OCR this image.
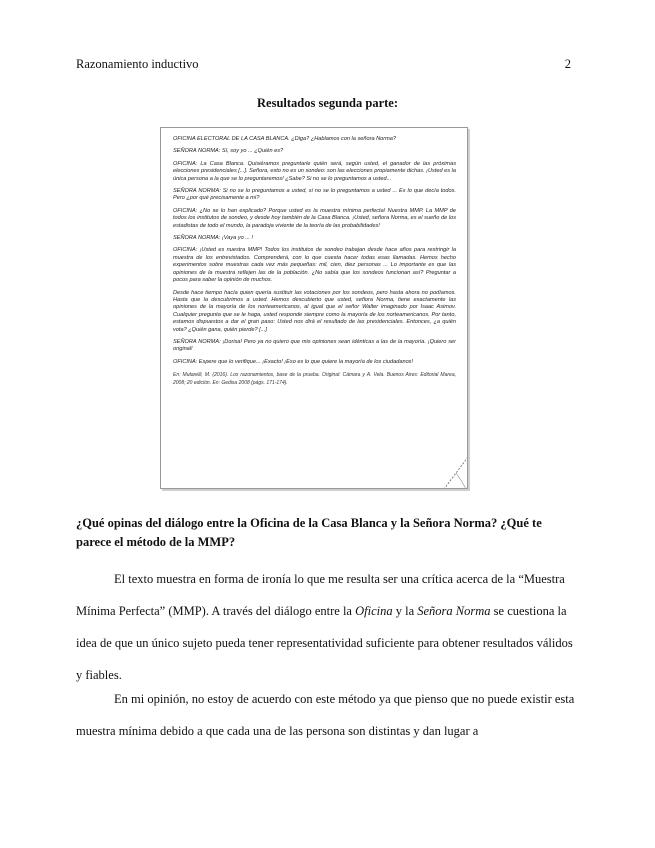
Razonamiento inductivo	2
Resultados segunda parte:

OFICINA ELECTORAL DE LA CASA BLANCA. ¿Diga? ¿Hablamos con la señora Norma?

SEÑORA NORMA: Sí, soy yo ... ¿Quién es?

OFICINA: La Casa Blanca. Quisiéramos preguntarle quién será, según usted, el ganador de las próximas elecciones presidenciales [...]. Señora, esto no es un sondeo: son las elecciones propiamente dichas. ¡Usted es la única persona a la que se lo preguntaremos! ¿Sabe? Si no se lo preguntamos a usted...

SEÑORA NORMA: Si no se lo preguntamos a usted, si no se lo preguntamos a usted ... Es lo que decía todos. Pero ¿por qué precisamente a mí?

OFICINA: ¿No se lo han explicado? Porque usted es la muestra mínima perfecta! Nuestra MMP. La MMP de todos los institutos de sondeo, y desde hoy también de la Casa Blanca. ¡Usted, señora Norma, es el sueño de los estadistas de todo el mundo, la paradoja viviente de la teoría de las probabilidades!

SEÑORA NORMA: ¡Vaya yo ... !

OFICINA: ¡Usted es nuestra MMP! Todos los institutos de sondeo trabajan desde hace años para restringir la muestra de los entrevistados. Comprenderá, con lo que cuesta hacer todas esas llamadas. Hemos hecho experimentos sobre muestras cada vez más pequeñas: mil, cien, diez personas ... Lo importante es que las opiniones de la muestra reflejen las de la población. ¿No sabía que los sondeos funcionan así? Preguntar a pocos para saber la opinión de muchos.

Desde hace tiempo hacía quien quería sustituir las votaciones por los sondeos, pero hasta ahora no podíamos. Hasta que la descubrimos a usted. Hemos descubierto que usted, señora Norma, tiene exactamente las opiniones de la mayoría de los norteamericanos, al igual que el señor Walter imaginado por Isaac Asimov. Cualquier pregunta que se le haga, usted responde siempre como la mayoría de los norteamericanos. Por tanto, estamos dispuestos a dar el gran paso: Usted nos dirá el resultado de las presidenciales. Entonces, ¿a quién vota? ¿Quién gana, quién pierde? [...]

SEÑORA NORMA: ¡Dorisa! Pero ya no quiero que mis opiniones sean idénticas a las de la mayoría. ¡Quiero ser original!

OFICINA: Espere que lo verifique... ¡Exacto! ¡Eso es lo que quiere la mayoría de los ciudadanos!

En: Mutarelli, M. (2016). Los razonamientos, base de la prueba. Original: Cámara y A. Vela. Buenos Aires: Editorial Marea, 2008; 20 edición. En: Gedisa 2008 (págs. 171-174).

¿Qué opinas del diálogo entre la Oficina de la Casa Blanca y la Señora Norma? ¿Qué te parece el método de la MMP?

El texto muestra en forma de ironía lo que me resulta ser una crítica acerca de la “Muestra Mínima Perfecta” (MMP). A través del diálogo entre la Oficina y la Señora Norma se cuestiona la idea de que un único sujeto pueda tener representatividad suficiente para obtener resultados válidos y fiables.

En mi opinión, no estoy de acuerdo con este método ya que pienso que no puede existir esta muestra mínima debido a que cada una de las persona son distintas y dan lugar a
